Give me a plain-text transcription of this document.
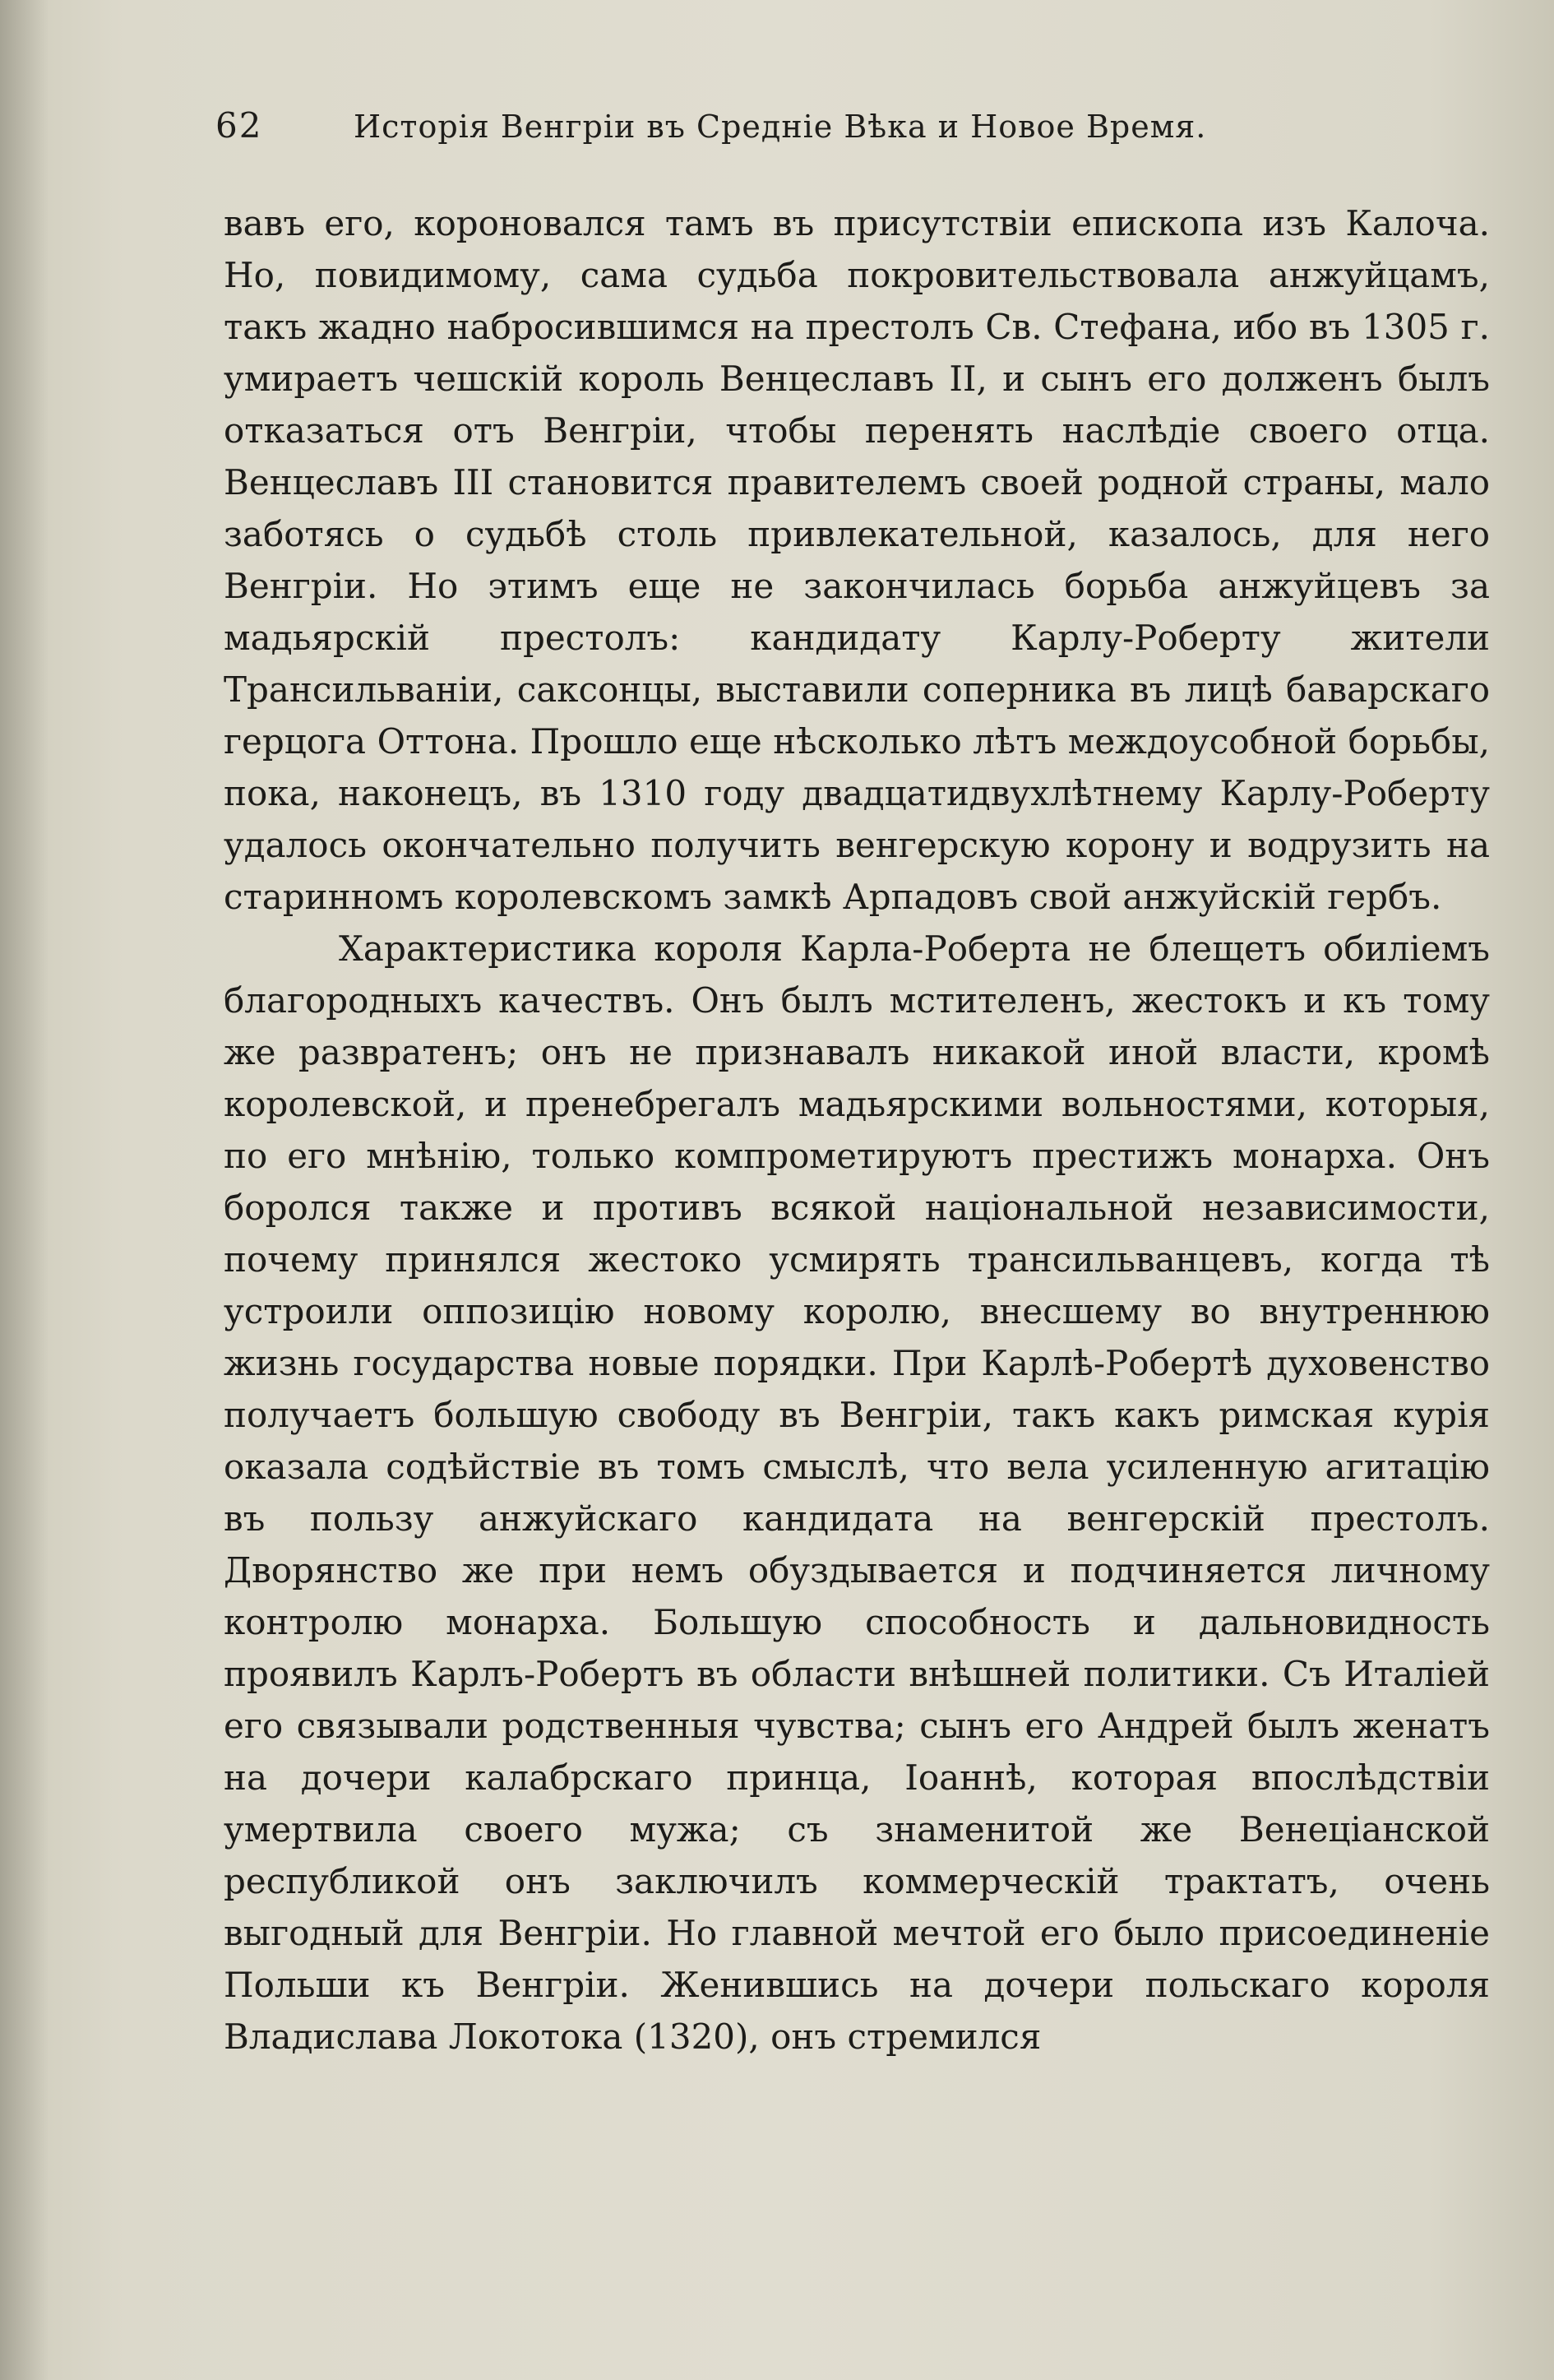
62	Исторія Венгріи въ Средніе Вѣка и Новое Время.

вавъ его, короновался тамъ въ присутствіи епископа изъ Калоча. Но, повидимому, сама судьба покровительствовала анжуйцамъ, такъ жадно набросившимся на престолъ Св. Стефана, ибо въ 1305 г. умираетъ чешскій король Венцеславъ II, и сынъ его долженъ былъ отказаться отъ Венгріи, чтобы перенять наслѣдіе своего отца. Венцеславъ III становится правителемъ своей родной страны, мало заботясь о судьбѣ столь привлекательной, казалось, для него Венгріи. Но этимъ еще не закончилась борьба анжуйцевъ за мадьярскій престолъ: кандидату Карлу-Роберту жители Трансильваніи, саксонцы, выставили соперника въ лицѣ баварскаго герцога Оттона. Прошло еще нѣсколько лѣтъ междоусобной борьбы, пока, наконецъ, въ 1310 году двадцатидвухлѣтнему Карлу-Роберту удалось окончательно получить венгерскую корону и водрузить на старинномъ королевскомъ замкѣ Арпадовъ свой анжуйскій гербъ.

Характеристика короля Карла-Роберта не блещетъ обиліемъ благородныхъ качествъ. Онъ былъ мстителенъ, жестокъ и къ тому же развратенъ; онъ не признавалъ никакой иной власти, кромѣ королевской, и пренебрегалъ мадьярскими вольностями, которыя, по его мнѣнію, только компрометируютъ престижъ монарха. Онъ боролся также и противъ всякой національной независимости, почему принялся жестоко усмирять трансильванцевъ, когда тѣ устроили оппозицію новому королю, внесшему во внутреннюю жизнь государства новые порядки. При Карлѣ-Робертѣ духовенство получаетъ большую свободу въ Венгріи, такъ какъ римская курія оказала содѣйствіе въ томъ смыслѣ, что вела усиленную агитацію въ пользу анжуйскаго кандидата на венгерскій престолъ. Дворянство же при немъ обуздывается и подчиняется личному контролю монарха. Большую способность и дальновидность проявилъ Карлъ-Робертъ въ области внѣшней политики. Съ Италіей его связывали родственныя чувства; сынъ его Андрей былъ женатъ на дочери калабрскаго принца, Іоаннѣ, которая впослѣдствіи умертвила своего мужа; съ знаменитой же Венеціанской республикой онъ заключилъ коммерческій трактатъ, очень выгодный для Венгріи. Но главной мечтой его было присоединеніе Польши къ Венгріи. Женившись на дочери польскаго короля Владислава Локотока (1320), онъ стремился
